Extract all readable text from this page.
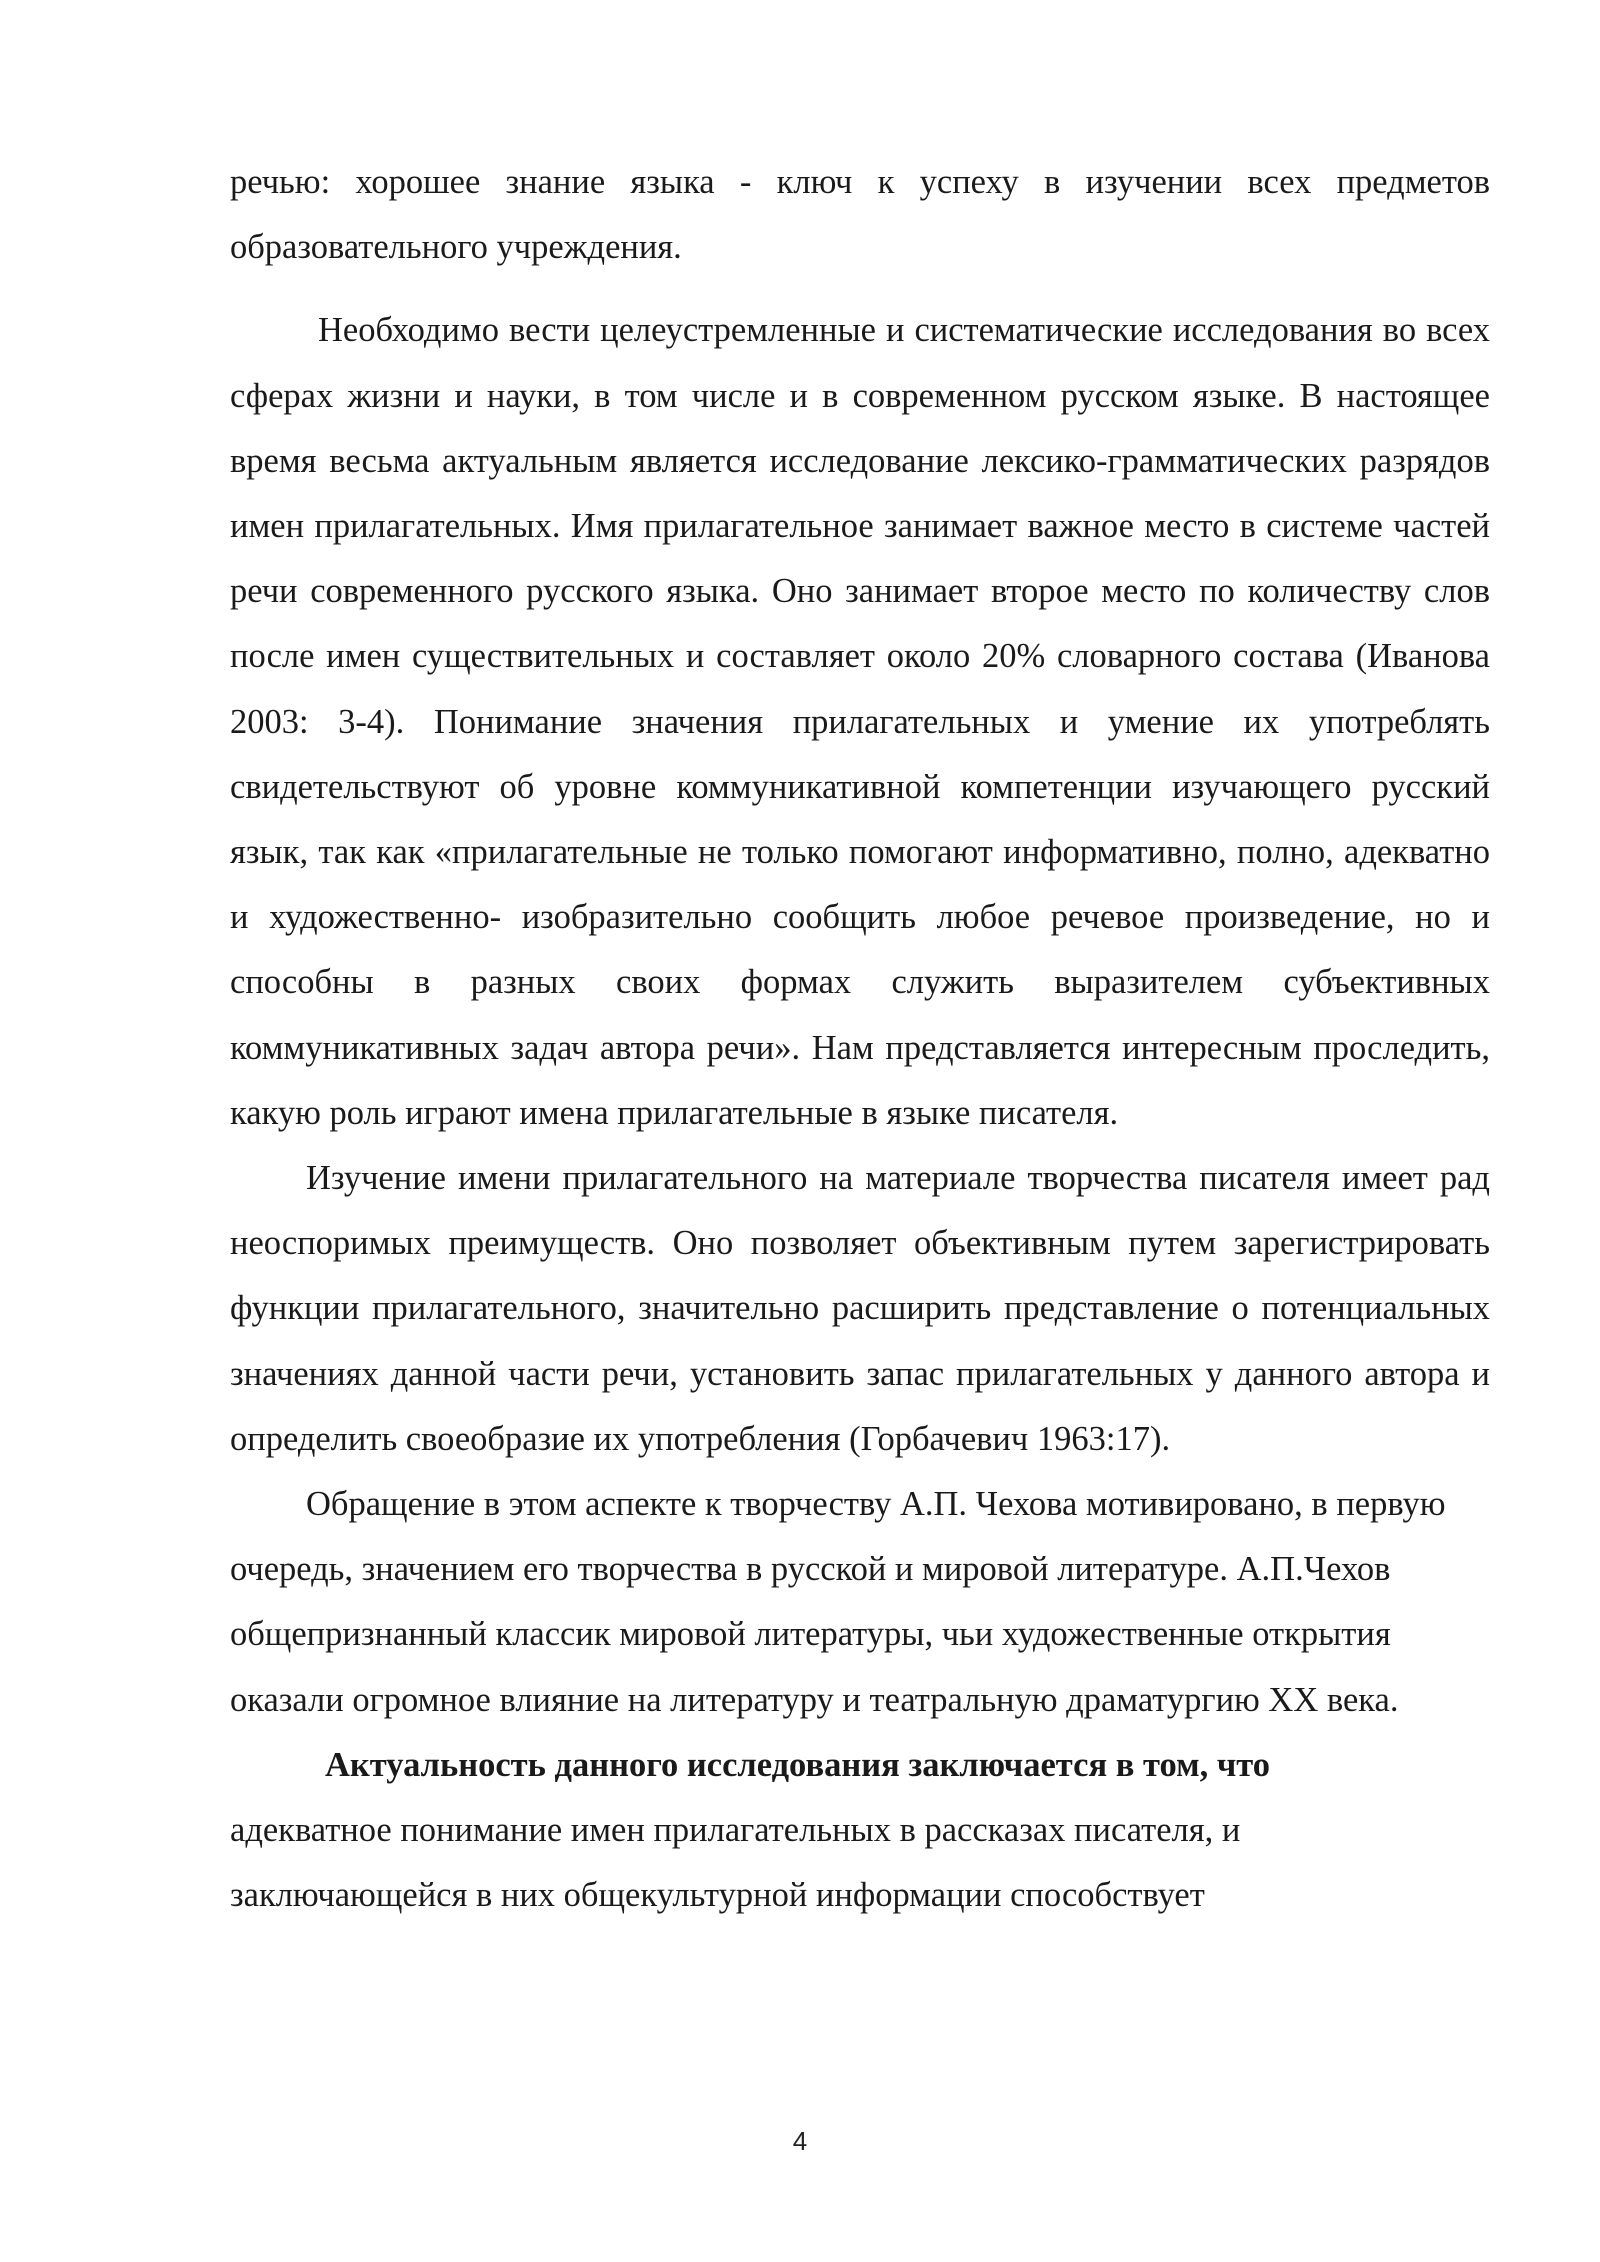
речью: хорошее знание языка - ключ к успеху в изучении всех предметов образовательного учреждения.

Необходимо вести целеустремленные и систематические исследования во всех сферах жизни и науки, в том числе и в современном русском языке. В настоящее время весьма актуальным является исследование лексико-грамматических разрядов имен прилагательных. Имя прилагательное занимает важное место в системе частей речи современного русского языка. Оно занимает второе место по количеству слов после имен существительных и составляет около 20% словарного состава (Иванова 2003: 3-4). Понимание значения прилагательных и умение их употреблять свидетельствуют об уровне коммуникативной компетенции изучающего русский язык, так как «прилагательные не только помогают информативно, полно, адекватно и художественно- изобразительно сообщить любое речевое произведение, но и способны в разных своих формах служить выразителем субъективных коммуникативных задач автора речи». Нам представляется интересным проследить, какую роль играют имена прилагательные в языке писателя.

Изучение имени прилагательного на материале творчества писателя имеет рад неоспоримых преимуществ. Оно позволяет объективным путем зарегистрировать функции прилагательного, значительно расширить представление о потенциальных значениях данной части речи, установить запас прилагательных у данного автора и определить своеобразие их употребления (Горбачевич 1963:17).

Обращение в этом аспекте к творчеству А.П. Чехова мотивировано, в первую очередь, значением его творчества в русской и мировой литературе. А.П.Чехов общепризнанный классик мировой литературы, чьи художественные открытия оказали огромное влияние на литературу и театральную драматургию XX века.

Актуальность данного исследования заключается в том, что

адекватное понимание имен прилагательных в рассказах писателя, и

заключающейся в них общекультурной информации способствует

4
